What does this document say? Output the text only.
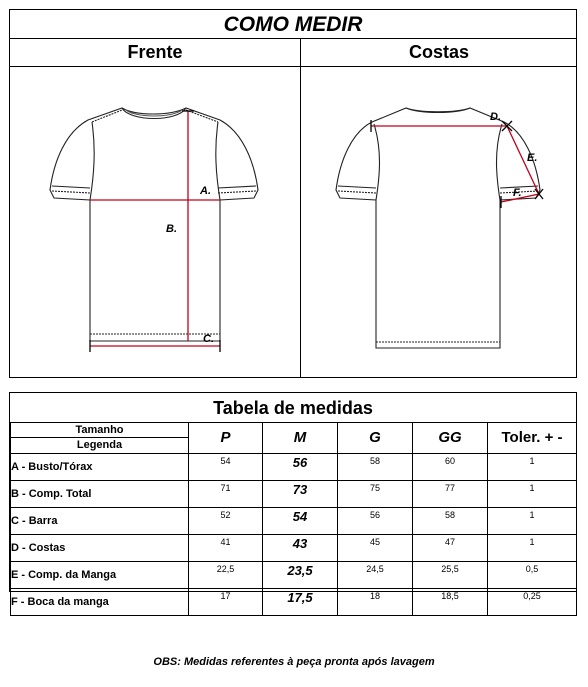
COMO MEDIR
Frente	Costas
A.
B.
C.
D.
E.
F.
Tabela de medidas
Tamanho
Legenda	P	M	G	GG	Toler. + -
A - Busto/Tórax	54	56	58	60	1
B - Comp. Total	71	73	75	77	1
C - Barra	52	54	56	58	1
D - Costas	41	43	45	47	1
E - Comp. da Manga	22,5	23,5	24,5	25,5	0,5
F - Boca da manga	17	17,5	18	18,5	0,25
OBS: Medidas referentes à peça pronta após lavagem
